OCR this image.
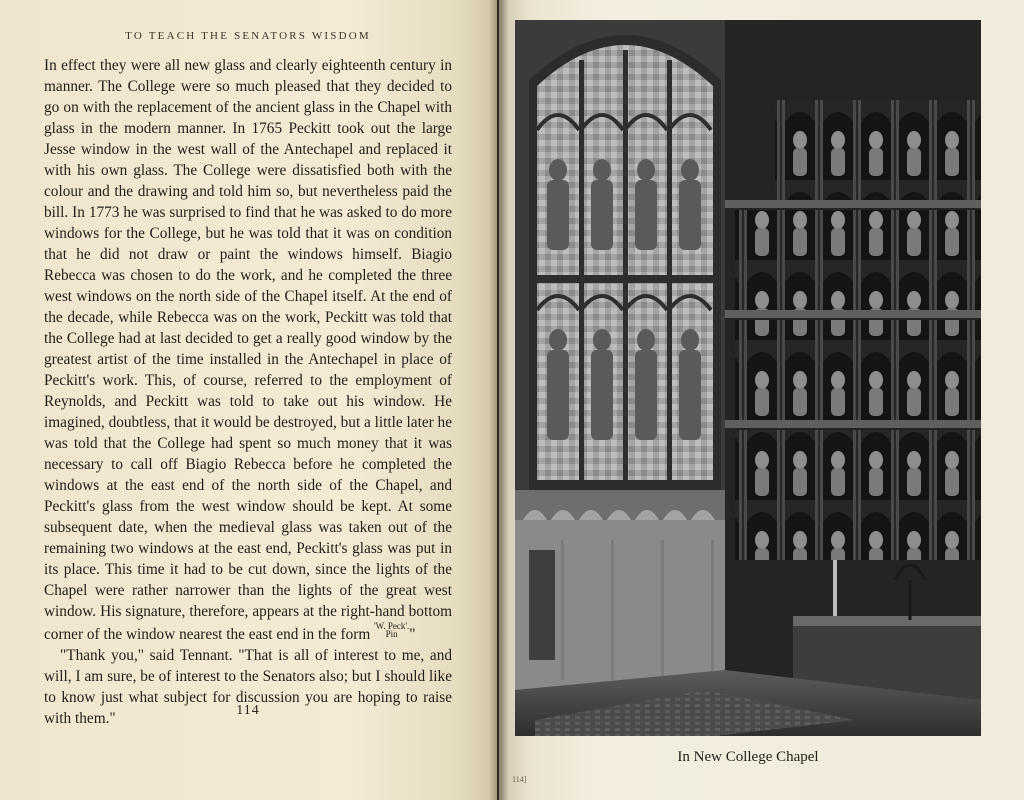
TO TEACH THE SENATORS WISDOM

In effect they were all new glass and clearly eighteenth century in manner. The College were so much pleased that they decided to go on with the replacement of the ancient glass in the Chapel with glass in the modern manner. In 1765 Peckitt took out the large Jesse window in the west wall of the Antechapel and replaced it with his own glass. The College were dissatisfied both with the colour and the drawing and told him so, but nevertheless paid the bill. In 1773 he was surprised to find that he was asked to do more windows for the College, but he was told that it was on condition that he did not draw or paint the windows himself. Biagio Rebecca was chosen to do the work, and he completed the three west windows on the north side of the Chapel itself. At the end of the decade, while Rebecca was on the work, Peckitt was told that the College had at last decided to get a really good window by the greatest artist of the time installed in the Antechapel in place of Peckitt's work. This, of course, referred to the employment of Reynolds, and Peckitt was told to take out his window. He imagined, doubtless, that it would be destroyed, but a little later he was told that the College had spent so much money that it was necessary to call off Biagio Rebecca before he completed the windows at the east end of the north side of the Chapel, and Peckitt's glass from the west window should be kept. At some subsequent date, when the medieval glass was taken out of the remaining two windows at the east end, Peckitt's glass was put in its place. This time it had to be cut down, since the lights of the Chapel were rather narrower than the lights of the great west window. His signature, therefore, appears at the right-hand bottom corner of the window nearest the east end in the form 'W. Peck'.
Pin "

"Thank you," said Tennant. "That is all of interest to me, and will, I am sure, be of interest to the Senators also; but I should like to know just what subject for discussion you are hoping to raise with them."	114
In New College Chapel
114]
